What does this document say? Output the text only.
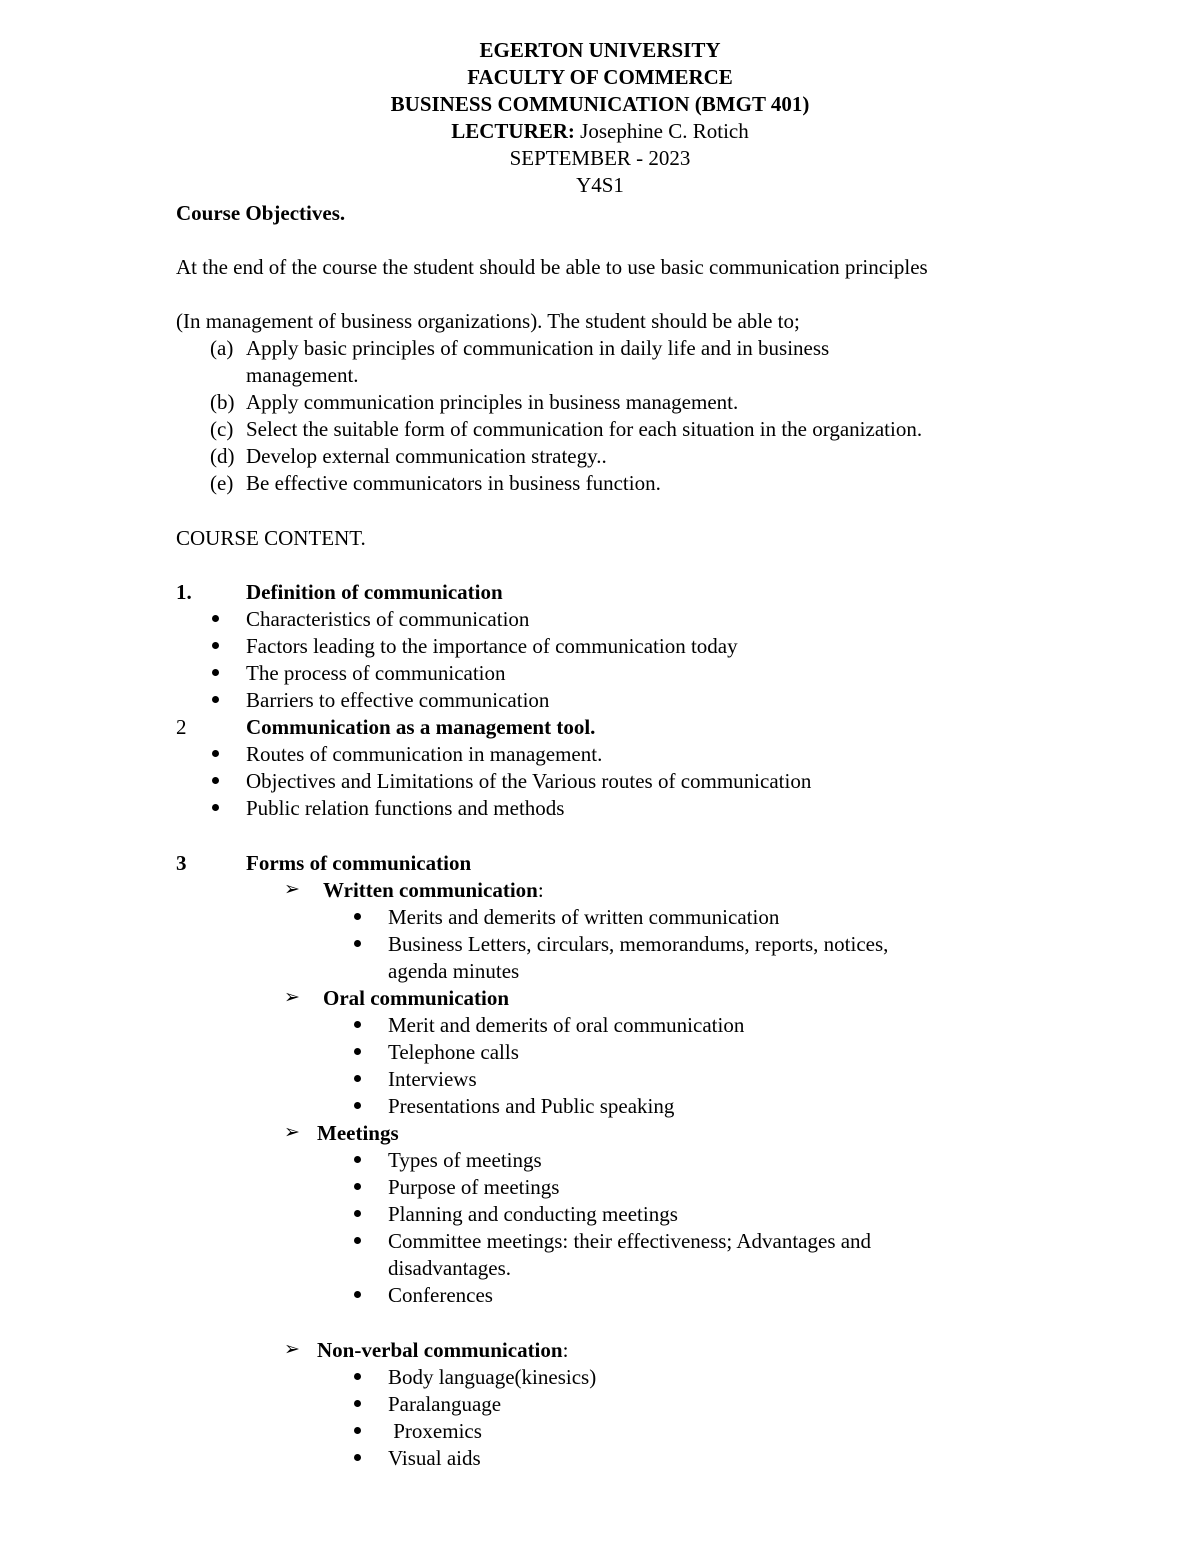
EGERTON UNIVERSITY
FACULTY OF COMMERCE
BUSINESS COMMUNICATION (BMGT 401)
LECTURER: Josephine C. Rotich
SEPTEMBER - 2023
Y4S1
Course Objectives.
At the end of the course the student should be able to use basic communication principles
(In management of business organizations). The student should be able to;
(a) Apply basic principles of communication in daily life and in business
management.
(b) Apply communication principles in business management.
(c) Select the suitable form of communication for each situation in the organization.
(d) Develop external communication strategy..
(e) Be effective communicators in business function.
COURSE CONTENT.
1.	Definition of communication
Characteristics of communication
Factors leading to the importance of communication today
The process of communication
Barriers to effective communication
2	Communication as a management tool.
Routes of communication in management.
Objectives and Limitations of the Various routes of communication
Public relation functions and methods
3	Forms of communication
➢ Written communication:
Merits and demerits of written communication
Business Letters, circulars, memorandums, reports, notices,
agenda minutes
➢ Oral communication
Merit and demerits of oral communication
Telephone calls
Interviews
Presentations and Public speaking
➢ Meetings
Types of meetings
Purpose of meetings
Planning and conducting meetings
Committee meetings: their effectiveness; Advantages and
disadvantages.
Conferences
➢ Non-verbal communication:
Body language(kinesics)
Paralanguage
Proxemics
Visual aids
